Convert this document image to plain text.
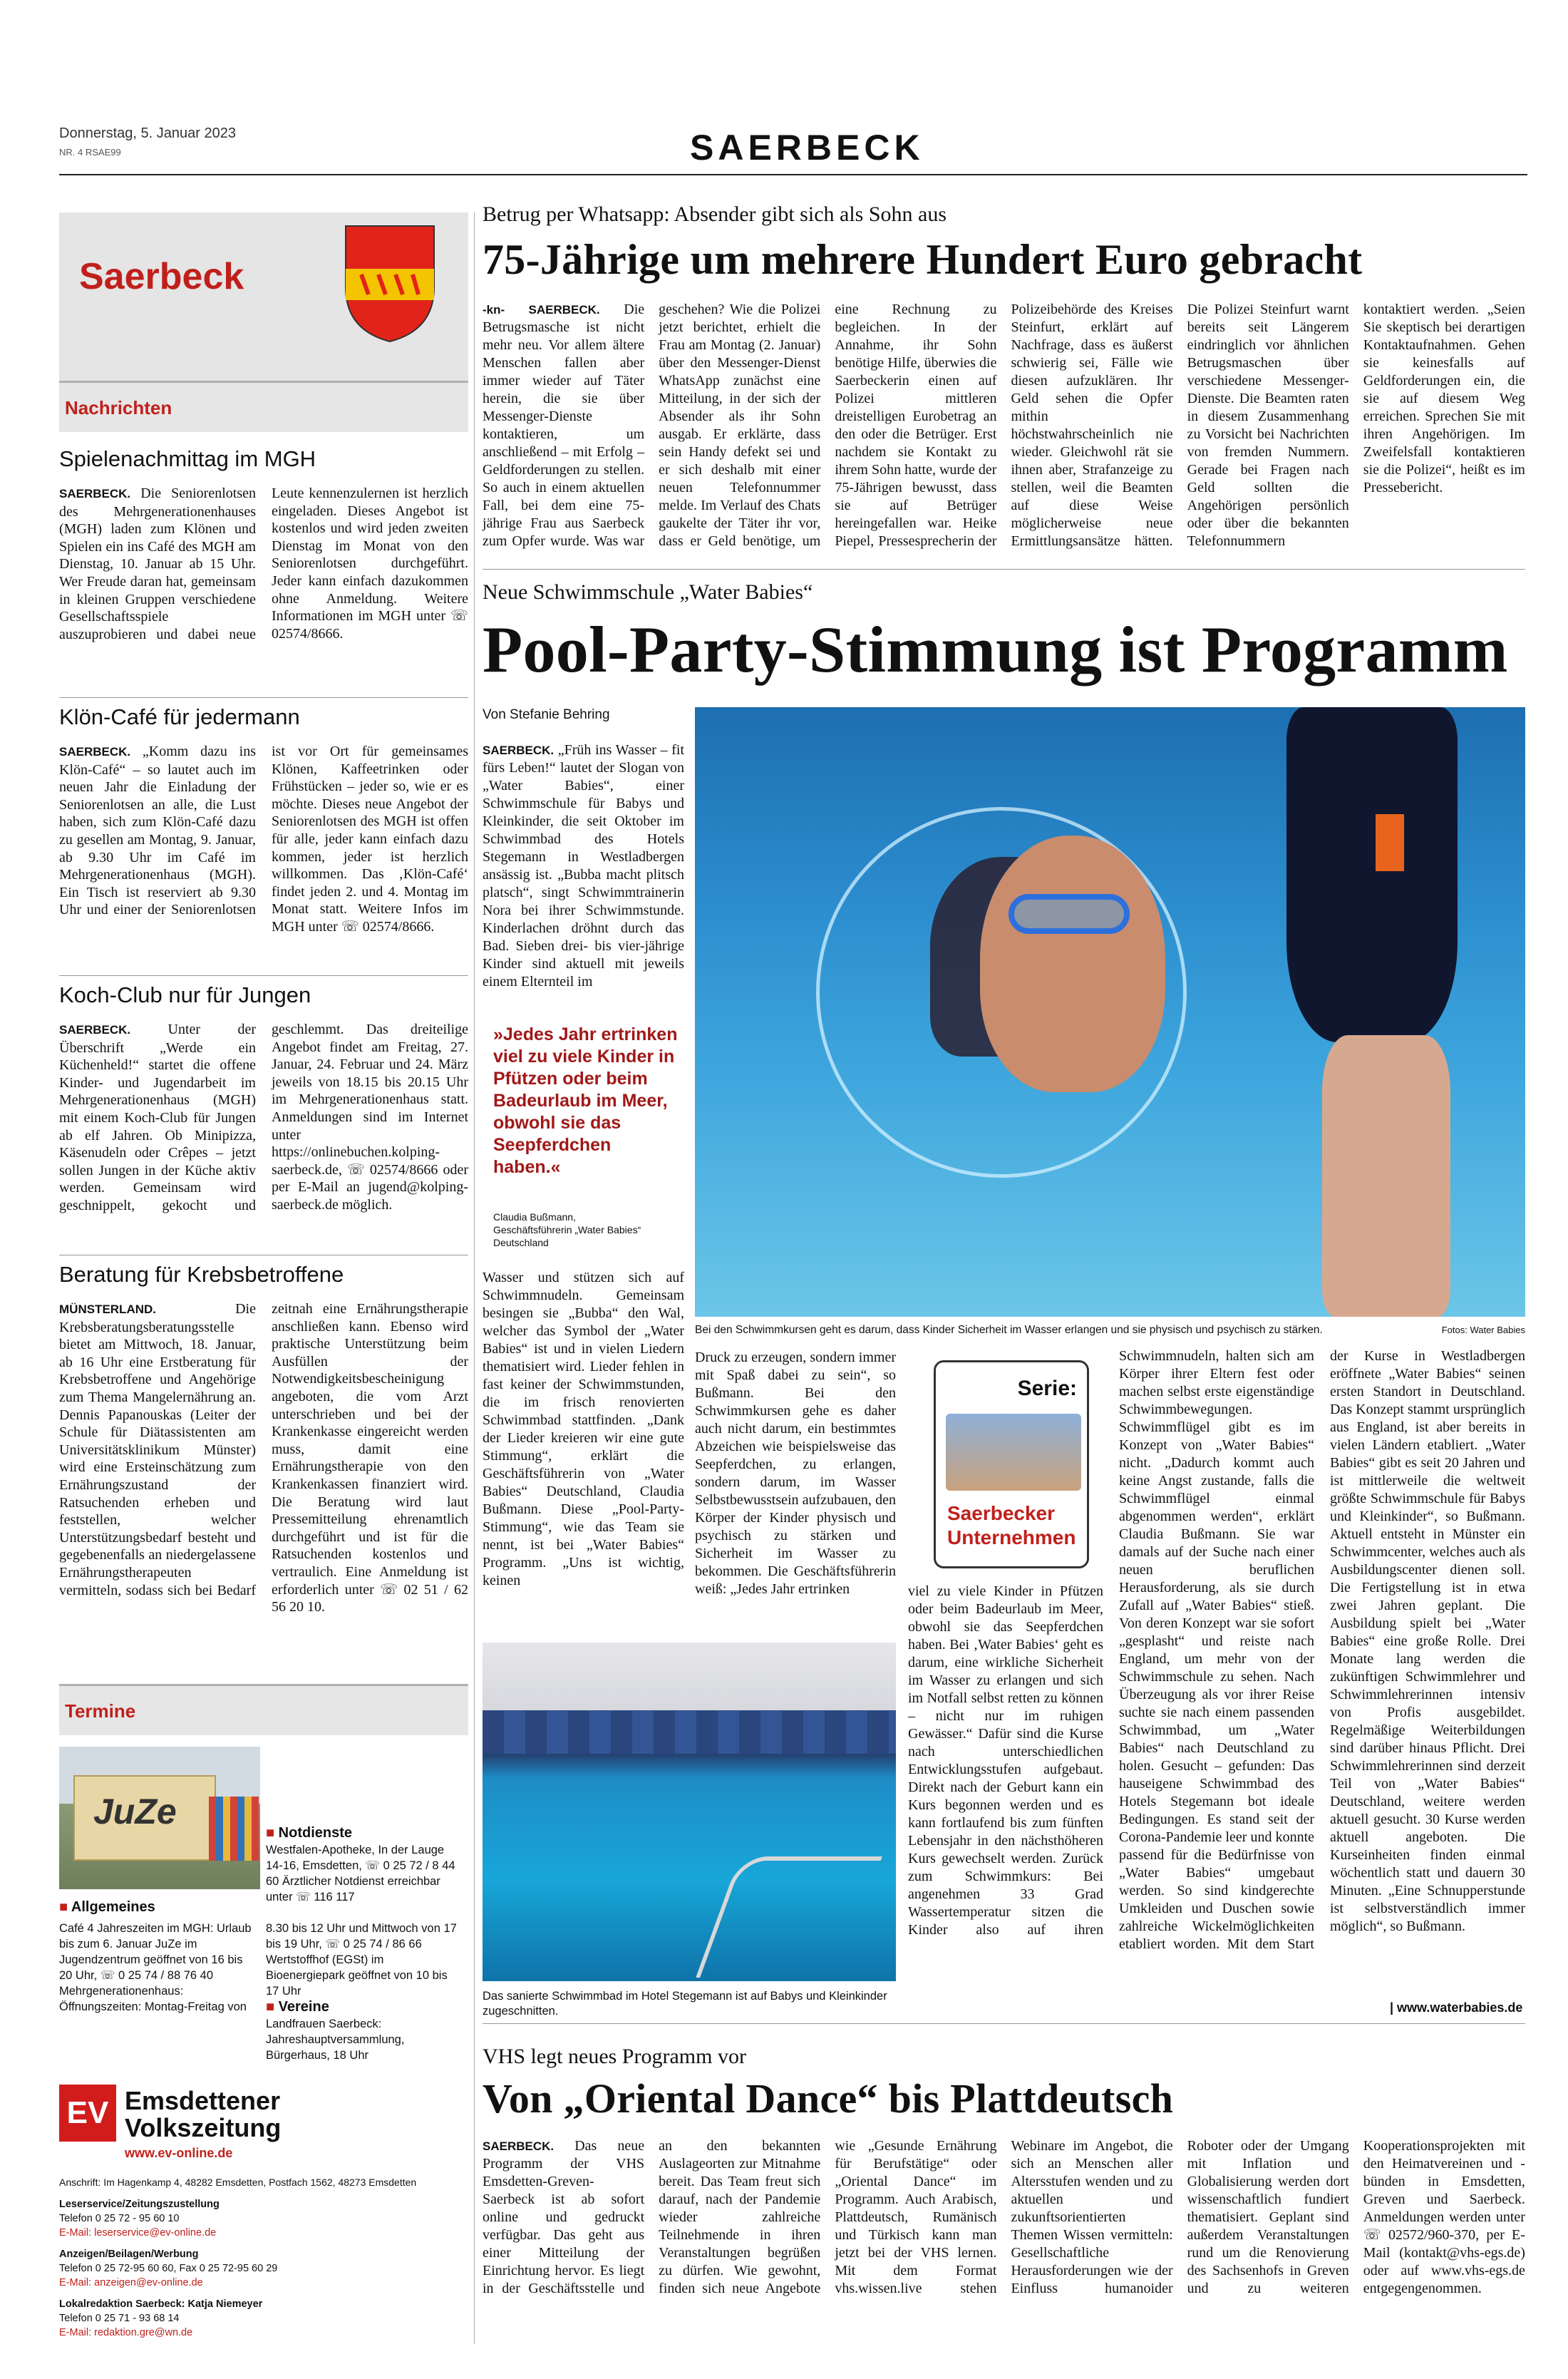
Donnerstag, 5. Januar 2023
NR. 4 RSAE99	SAERBECK
Saerbeck
Nachrichten
Spielenachmittag im MGH
SAERBECK. Die Seniorenlotsen des Mehrgenerationenhauses (MGH) laden zum Klönen und Spielen ein ins Café des MGH am Dienstag, 10. Januar ab 15 Uhr. Wer Freude daran hat, gemeinsam in kleinen Gruppen verschiedene Gesellschaftsspiele auszuprobieren und dabei neue Leute kennenzulernen ist herzlich eingeladen. Dieses Angebot ist kostenlos und wird jeden zweiten Dienstag im Monat von den Seniorenlotsen durchgeführt. Jeder kann einfach dazukommen ohne Anmeldung. Weitere Informationen im MGH unter ☏ 02574/8666.
Klön-Café für jedermann
SAERBECK. „Komm dazu ins Klön-Café“ – so lautet auch im neuen Jahr die Einladung der Seniorenlotsen an alle, die Lust haben, sich zum Klön-Café dazu zu gesellen am Montag, 9. Januar, ab 9.30 Uhr im Café im Mehrgenerationenhaus (MGH). Ein Tisch ist reserviert ab 9.30 Uhr und einer der Seniorenlotsen ist vor Ort für gemeinsames Klönen, Kaffeetrinken oder Frühstücken – jeder so, wie er es möchte. Dieses neue Angebot der Seniorenlotsen des MGH ist offen für alle, jeder kann einfach dazu kommen, jeder ist herzlich willkommen. Das ‚Klön-Café‘ findet jeden 2. und 4. Montag im Monat statt. Weitere Infos im MGH unter ☏ 02574/8666.
Koch-Club nur für Jungen
SAERBECK.	Unter der Überschrift „Werde ein Küchenheld!“ startet die offene Kinder- und Jugendarbeit im Mehrgenerationenhaus (MGH) mit einem Koch-Club für Jungen ab elf Jahren. Ob Minipizza, Käsenudeln oder Crêpes – jetzt sollen Jungen in der Küche aktiv werden. Gemeinsam wird geschnippelt, gekocht und geschlemmt. Das dreiteilige Angebot findet am Freitag, 27. Januar, 24. Februar und 24. März jeweils von 18.15 bis 20.15 Uhr im Mehrgenerationenhaus statt. Anmeldungen sind im Internet unter https://onlinebuchen.kolping-saerbeck.de, ☏ 02574/8666 oder per E-Mail an jugend@kolping-saerbeck.de möglich.
Beratung für Krebsbetroffene
MÜNSTERLAND.	Die Krebsberatungsberatungsstelle bietet am Mittwoch, 18. Januar, ab 16 Uhr eine Erstberatung für Krebsbetroffene und Angehörige zum Thema Mangelernährung an. Dennis Papanouskas (Leiter der Schule für Diätassistenten am Universitätsklinikum Münster) wird eine Ersteinschätzung zum Ernährungszustand der Ratsuchenden erheben und feststellen, welcher Unterstützungsbedarf besteht und gegebenenfalls an niedergelassene Ernährungstherapeuten vermitteln, sodass sich bei Bedarf zeitnah eine Ernährungstherapie anschließen kann. Ebenso wird praktische Unterstützung beim Ausfüllen der Notwendigkeitsbescheinigung angeboten, die vom Arzt unterschrieben und bei der Krankenkasse eingereicht werden muss, damit eine Ernährungstherapie von den Krankenkassen finanziert wird. Die Beratung wird laut Pressemitteilung ehrenamtlich durchgeführt und ist für die Ratsuchenden kostenlos und vertraulich. Eine Anmeldung ist erforderlich unter ☏ 02 51 / 62 56 20 10.
Termine
JuZe
■ Allgemeines
Café 4 Jahreszeiten im MGH: Urlaub bis zum 6. Januar JuZe im Jugendzentrum geöffnet von 16 bis 20 Uhr, ☏ 0 25 74 / 88 76 40 Mehrgenerationenhaus: Öffnungszeiten: Montag-Freitag von 8.30 bis 12 Uhr und Mittwoch von 17 bis 19 Uhr, ☏ 0 25 74 / 86 66 Wertstoffhof (EGSt) im Bioenergiepark geöffnet von 10 bis 17 Uhr
■ Notdienste
Westfalen-Apotheke, In der Lauge 14-16, Emsdetten, ☏ 0 25 72 / 8 44 60 Ärztlicher Notdienst erreichbar unter ☏ 116 117
■ Vereine
Landfrauen Saerbeck: Jahreshauptversammlung, Bürgerhaus, 18 Uhr
EV Emsdettener
Volkszeitung
www.ev-online.de
Anschrift: Im Hagenkamp 4, 48282 Emsdetten, Postfach 1562, 48273 Emsdetten
Leserservice/Zeitungszustellung
Telefon 0 25 72 - 95 60 10
E-Mail: leserservice@ev-online.de
Anzeigen/Beilagen/Werbung
Telefon 0 25 72-95 60 60, Fax 0 25 72-95 60 29
E-Mail: anzeigen@ev-online.de
Lokalredaktion Saerbeck: Katja Niemeyer
Telefon 0 25 71 - 93 68 14
E-Mail: redaktion.gre@wn.de
Betrug per Whatsapp: Absender gibt sich als Sohn aus
75-Jährige um mehrere Hundert Euro gebracht
-kn- SAERBECK. Die Betrugsmasche ist nicht mehr neu. Vor allem ältere Menschen fallen aber immer wieder auf Täter herein, die sie über Messenger-Dienste kontaktieren, um anschließend – mit Erfolg – Geldforderungen zu stellen. So auch in einem aktuellen Fall, bei dem eine 75-jährige Frau aus Saerbeck zum Opfer wurde. Was war geschehen? Wie die Polizei jetzt berichtet, erhielt die Frau am Montag (2. Januar) über den Messenger-Dienst WhatsApp zunächst eine Mitteilung, in der sich der Absender als ihr Sohn ausgab. Er erklärte, dass sein Handy defekt sei und er sich deshalb mit einer neuen Telefonnummer melde. Im Verlauf des Chats gaukelte der Täter ihr vor, dass er Geld benötige, um eine Rechnung zu begleichen. In der Annahme, ihr Sohn benötige Hilfe, überwies die Saerbeckerin einen auf Polizei mittleren dreistelligen Eurobetrag an den oder die Betrüger. Erst nachdem sie Kontakt zu ihrem Sohn hatte, wurde der 75-Jährigen bewusst, dass sie auf Betrüger hereingefallen war. Heike Piepel, Pressesprecherin der Polizeibehörde des Kreises Steinfurt, erklärt auf Nachfrage, dass es äußerst schwierig sei, Fälle wie diesen aufzuklären. Ihr Geld sehen die Opfer mithin höchstwahrscheinlich nie wieder. Gleichwohl rät sie ihnen aber, Strafanzeige zu stellen, weil die Beamten auf diese Weise möglicherweise neue Ermittlungsansätze hätten. Die Polizei Steinfurt warnt bereits seit Längerem eindringlich vor ähnlichen Betrugsmaschen über verschiedene Messenger-Dienste. Die Beamten raten in diesem Zusammenhang zu Vorsicht bei Nachrichten von fremden Nummern. Gerade bei Fragen nach Geld sollten die Angehörigen persönlich oder über die bekannten Telefonnummern kontaktiert werden. „Seien Sie skeptisch bei derartigen Kontaktaufnahmen. Gehen sie keinesfalls auf Geldforderungen ein, die sie auf diesem Weg erreichen. Sprechen Sie mit ihren Angehörigen. Im Zweifelsfall kontaktieren sie die Polizei“, heißt es im Pressebericht.
Neue Schwimmschule „Water Babies“
Pool-Party-Stimmung ist Programm
Von Stefanie Behring
SAERBECK. „Früh ins Wasser – fit fürs Leben!“ lautet der Slogan von „Water Babies“, einer Schwimmschule für Babys und Kleinkinder, die seit Oktober im Schwimmbad des Hotels Stegemann in Westladbergen ansässig ist. „Bubba macht plitsch platsch“, singt Schwimmtrainerin Nora bei ihrer Schwimmstunde. Kinderlachen dröhnt durch das Bad. Sieben drei- bis vier-jährige Kinder sind aktuell mit jeweils einem Elternteil im
»Jedes Jahr ertrinken viel zu viele Kinder in Pfützen oder beim Badeurlaub im Meer, obwohl sie das Seepferdchen haben.«
Claudia Bußmann,
Geschäftsführerin „Water Babies“ Deutschland
Wasser und stützen sich auf Schwimmnudeln. Gemeinsam besingen sie „Bubba“ den Wal, welcher das Symbol der „Water Babies“ ist und in vielen Liedern thematisiert wird. Lieder fehlen in fast keiner der Schwimmstunden, die im frisch renovierten Schwimmbad stattfinden. „Dank der Lieder kreieren wir eine gute Stimmung“, erklärt die Geschäftsführerin von „Water Babies“ Deutschland, Claudia Bußmann. Diese „Pool-Party-Stimmung“, wie das Team sie nennt, ist bei „Water Babies“ Programm. „Uns ist wichtig, keinen
Bei den Schwimmkursen geht es darum, dass Kinder Sicherheit im Wasser erlangen und sie physisch und psychisch zu stärken.	Fotos: Water Babies
Druck zu erzeugen, sondern immer mit Spaß dabei zu sein“, so Bußmann. Bei den Schwimmkursen gehe es daher auch nicht darum, ein bestimmtes Abzeichen wie beispielsweise das Seepferdchen, zu erlangen, sondern darum, im Wasser Selbstbewusstsein aufzubauen, den Körper der Kinder physisch und psychisch zu stärken und Sicherheit im Wasser zu bekommen. Die Geschäftsführerin weiß: „Jedes Jahr ertrinken
Serie:
Saerbecker
Unternehmen
Das sanierte Schwimmbad im Hotel Stegemann ist auf Babys und Kleinkinder zugeschnitten.
viel zu viele Kinder in Pfützen oder beim Badeurlaub im Meer, obwohl sie das Seepferdchen haben. Bei ‚Water Babies‘ geht es darum, eine wirkliche Sicherheit im Wasser zu erlangen und sich im Notfall selbst retten zu können – nicht nur im ruhigen Gewässer.“ Dafür sind die Kurse nach unterschiedlichen Entwicklungsstufen aufgebaut. Direkt nach der Geburt kann ein Kurs begonnen werden und es kann fortlaufend bis zum fünften Lebensjahr in den nächsthöheren Kurs gewechselt werden. Zurück zum Schwimmkurs: Bei angenehmen 33 Grad Wassertemperatur sitzen die Kinder also auf ihren Schwimmnudeln, halten sich am Körper ihrer Eltern fest oder machen selbst erste eigenständige Schwimmbewegungen. Schwimmflügel gibt es im Konzept von „Water Babies“ nicht. „Dadurch kommt auch keine Angst zustande, falls die Schwimmflügel einmal abgenommen werden“, erklärt Claudia Bußmann. Sie war damals auf der Suche nach einer neuen beruflichen Herausforderung, als sie durch Zufall auf „Water Babies“ stieß. Von deren Konzept war sie sofort „gesplasht“ und reiste nach England, um mehr von der Schwimmschule zu sehen. Nach Überzeugung als vor ihrer Reise suchte sie nach einem passenden Schwimmbad, um „Water Babies“ nach Deutschland zu holen. Gesucht – gefunden: Das hauseigene Schwimmbad des Hotels Stegemann bot ideale Bedingungen. Es stand seit der Corona-Pandemie leer und konnte passend für die Bedürfnisse von „Water Babies“ umgebaut werden. So sind kindgerechte Umkleiden und Duschen sowie zahlreiche Wickelmöglichkeiten etabliert worden. Mit dem Start der Kurse in Westladbergen eröffnete „Water Babies“ seinen ersten Standort in Deutschland. Das Konzept stammt ursprünglich aus England, ist aber bereits in vielen Ländern etabliert. „Water Babies“ gibt es seit 20 Jahren und ist mittlerweile die weltweit größte Schwimmschule für Babys und Kleinkinder“, so Bußmann. Aktuell entsteht in Münster ein Schwimmcenter, welches auch als Ausbildungscenter dienen soll. Die Fertigstellung ist in etwa zwei Jahren geplant. Die Ausbildung spielt bei „Water Babies“ eine große Rolle. Drei Monate lang werden die zukünftigen Schwimmlehrer und Schwimmlehrerinnen intensiv von Profis ausgebildet. Regelmäßige Weiterbildungen sind darüber hinaus Pflicht. Drei Schwimmlehrerinnen sind derzeit Teil von „Water Babies“ Deutschland, weitere werden aktuell gesucht. 30 Kurse werden aktuell angeboten. Die Kurseinheiten finden einmal wöchentlich statt und dauern 30 Minuten. „Eine Schnupperstunde ist selbstverständlich immer möglich“, so Bußmann.
| www.waterbabies.de
VHS legt neues Programm vor
Von „Oriental Dance“ bis Plattdeutsch
SAERBECK. Das neue Programm der VHS Emsdetten-Greven-Saerbeck ist ab sofort online und gedruckt verfügbar. Das geht aus einer Mitteilung der Einrichtung hervor. Es liegt in der Geschäftsstelle und an den bekannten Auslageorten zur Mitnahme bereit. Das Team freut sich darauf, nach der Pandemie wieder zahlreiche Teilnehmende in ihren Veranstaltungen begrüßen zu dürfen. Wie gewohnt, finden sich neue Angebote wie „Gesunde Ernährung für Berufstätige“ oder „Oriental Dance“ im Programm. Auch Arabisch, Plattdeutsch, Rumänisch und Türkisch kann man jetzt bei der VHS lernen. Mit dem Format vhs.wissen.live stehen Webinare im Angebot, die sich an Menschen aller Altersstufen wenden und zu aktuellen und zukunftsorientierten Themen Wissen vermitteln: Gesellschaftliche Herausforderungen wie der Einfluss humanoider Roboter oder der Umgang mit Inflation und Globalisierung werden dort wissenschaftlich fundiert thematisiert. Geplant sind außerdem Veranstaltungen rund um die Renovierung des Sachsenhofs in Greven und zu weiteren Kooperationsprojekten mit den Heimatvereinen und -bünden in Emsdetten, Greven und Saerbeck. Anmeldungen werden unter ☏ 02572/960-370, per E-Mail (kontakt@vhs-egs.de) oder auf www.vhs-egs.de entgegengenommen.
